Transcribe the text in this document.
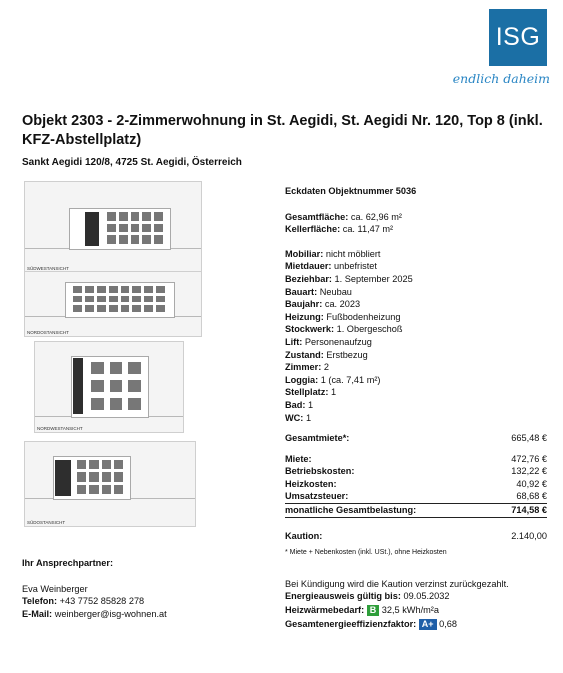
ISG
endlich daheim
Objekt 2303 - 2-Zimmerwohnung in St. Aegidi, St. Aegidi Nr. 120, Top 8 (inkl. KFZ-Abstellplatz)
Sankt Aegidi 120/8, 4725 St. Aegidi, Österreich
SÜDWESTANSICHT
NORDOSTANSICHT
NORDWESTANSICHT
SÜDOSTANSICHT
Eckdaten Objektnummer 5036
Gesamtfläche: ca. 62,96 m²
Kellerfläche: ca. 11,47 m²
Mobiliar: nicht möbliert
Mietdauer: unbefristet
Beziehbar: 1. September 2025
Bauart: Neubau
Baujahr: ca. 2023
Heizung: Fußbodenheizung
Stockwerk: 1. Obergeschoß
Lift: Personenaufzug
Zustand: Erstbezug
Zimmer: 2
Loggia: 1 (ca. 7,41 m²)
Stellplatz: 1
Bad: 1
WC: 1
Gesamtmiete*:	665,48 €
Miete:	472,76 €
Betriebskosten:	132,22 €
Heizkosten:	40,92 €
Umsatzsteuer:	68,68 €
monatliche Gesamtbelastung:	714,58 €
Kaution:	2.140,00
* Miete + Nebenkosten (inkl. USt.), ohne Heizkosten
Bei Kündigung wird die Kaution verzinst zurückgezahlt.
Energieausweis gültig bis: 09.05.2032
Heizwärmebedarf: B 32,5 kWh/m²a
Gesamtenergieeffizienzfaktor: A+ 0,68
Ihr Ansprechpartner:
Eva Weinberger
Telefon: +43 7752 85828 278
E-Mail: weinberger@isg-wohnen.at
